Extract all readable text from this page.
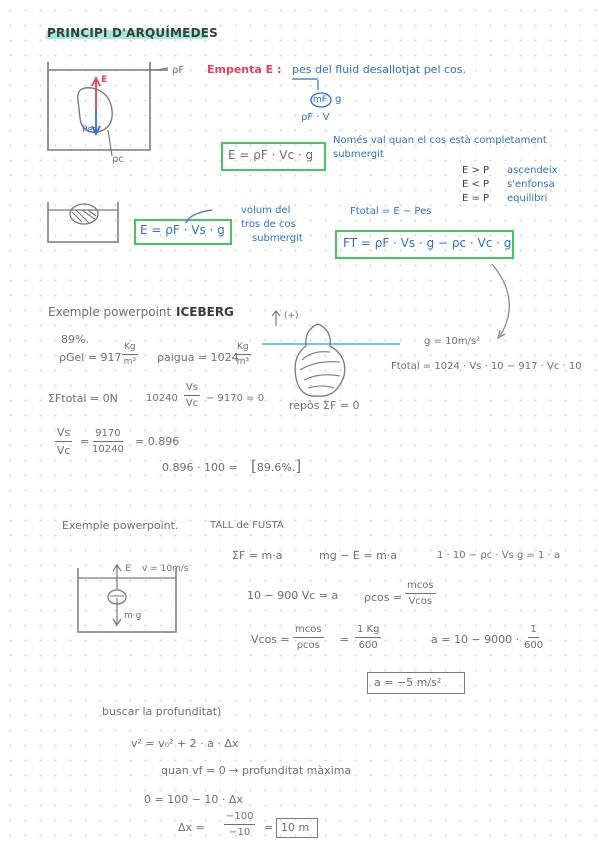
PRINCIPI D'ARQUÍMEDES
ρF
E
Pes
ρc
Empenta E : pes del fluid desallotjat pel cos.
mF g
ρF · V
E = ρF · Vc · g
Només val quan el cos està completament
submergit
E > P ascendeix
E < P s'enfonsa
E = P equilibri
E = ρF · Vs · g
volum del
tros de cos
submergit
Ftotal = E − Pes
FT = ρF · Vs · g − ρc · Vc · g
Exemple powerpoint ICEBERG	(+)
89%.
$\rho Gel = 917 \frac{Kg}{\text{m³}}$ ρaigua = 1024
$\frac{Kg}{\text{m³}}$
g = 10m/s²
Ftotal = 1024 · Vs · 10 − 917 · Vc · 10
ΣFtotal = 0N	$10240 \frac{Vs}{Vc} - 9170 = 0$
repòs ΣF = 0
$\frac{Vs}{Vc} = \frac{9170}{10240} = 0.896$
0.896 · 100 = [89.6%.]
Exemple powerpoint.	TALL de FUSTA
E v = 10m/s
m·g
ΣF = m·a	mg − E = m·a	1 · 10 − ρc · Vs g = 1 · a
10 − 900 Vc = a $\rho\cos = \frac{mcos}{Vcos}$
$Vcos = \frac{mcos}{\rho\cos} = \frac{1 Kg}{600}$	$a = 10 - 9000 \cdot \frac{1}{600}$
a = −5 m/s²
buscar la profunditat)
v² = v₀² + 2 · a · Δx
quan vf = 0 → profunditat màxima
0 = 100 − 10 · Δx
$\Delta x = \frac{-100}{-10} = 10$ m
